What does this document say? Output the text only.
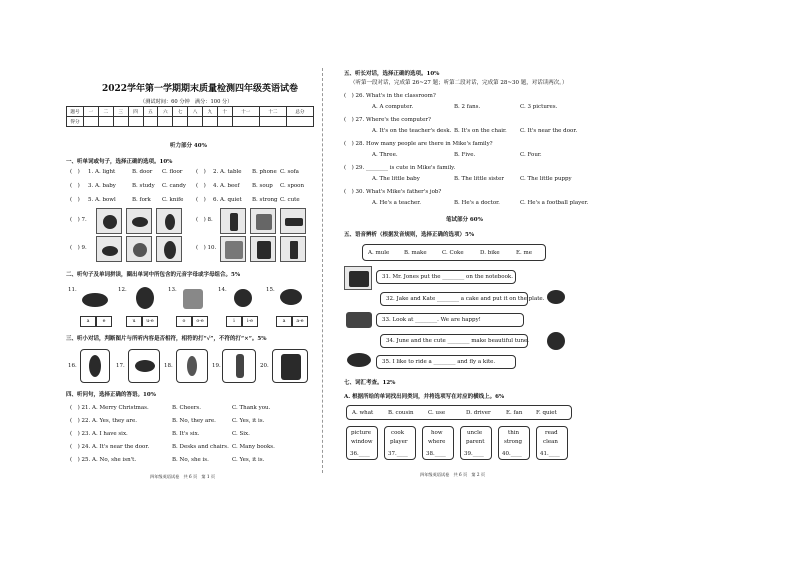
2022学年第一学期期末质量检测四年级英语试卷
（测试时间：60 分钟　满分：100 分）
题号	一	二	三	四	五	六	七	八	九	十	十一	十二	总分
得分													
听力部分 40%
一、听单词或句子，选择正确的选项。10%
(　) 1. A. light	B. door C. floor (　) 2. A. table B. phone C. sofa
(　) 3. A. baby	B. study C. candy (　) 4. A. beef B. soup C. spoon
(　) 5. A. bowl	B. fork C. knife (　) 6. A. quiet B. strong C. cute
(　) 7.	(　) 8.
(　) 9.	(　) 10.
二、听句子及单词拼读，圈出单词中所包含的元音字母或字母组合。5%
11.
a	e
12.
u	u-e
13.
o	o-e
14.
i	i-e
15.
a	a-e
三、听小对话，判断图片与所听内容是否相符，相符的打“√”，不符的打“×”。5%
16.	17.	18.	19.	20.
四、听问句，选择正确的答语。10%
(　) 21. A. Merry Christmas.	B. Cheers.	C. Thank you.
(　) 22. A. Yes, they are.	B. No, they are.	C. Yes, it is.
(　) 23. A. I have six.	B. It's six.	C. Six.
(　) 24. A. It's near the door.	B. Desks and chairs. C. Many books.
(　) 25. A. No, she isn't.	B. No, she is.	C. Yes, it is.
四年级英语试卷　共 6 页　第 1 页
五、听长对话，选择正确的选项。10%
（听第一段对话，完成第 26~27 题；听第二段对话，完成第 28~30 题，对话读两次。）
(　) 26. What's in the classroom?
A. A computer.	B. 2 fans.	C. 3 pictures.
(　) 27. Where's the computer?
A. It's on the teacher's desk. B. It's on the chair. C. It's near the door.
(　) 28. How many people are there in Mike's family?
A. Three.	B. Five.	C. Four.
(　) 29. ________ is cute in Mike's family.
A. The little baby	B. The little sister	C. The little puppy
(　) 30. What's Mike's father's job?
A. He's a teacher.	B. He's a doctor.	C. He's a football player.
笔试部分 60%
五、语音辨析（根据发音规则，选择正确的选项）5%
A. mule	B. make	C. Coke	D. bike	E. me
31. Mr. Jones put the ________ on the notebook.
32. Jake and Kate ________ a cake and put it on the plate.
33. Look at ________. We are happy!
34. June and the cute ________ make beautiful tune.
35. I like to ride a ________ and fly a kite.
七、词汇考查。12%
A. 根据所给的单词找出同类词，并将选项写在对应的横线上。6%
A. what	B. cousin	C. use	D. driver	E. fan F. quiet
picture
window
36.____
cook
player
37.____
how
where
38.____
uncle
parent
39.____
thin
strong
40.____
read
clean
41.____
四年级英语试卷　共 6 页　第 2 页
